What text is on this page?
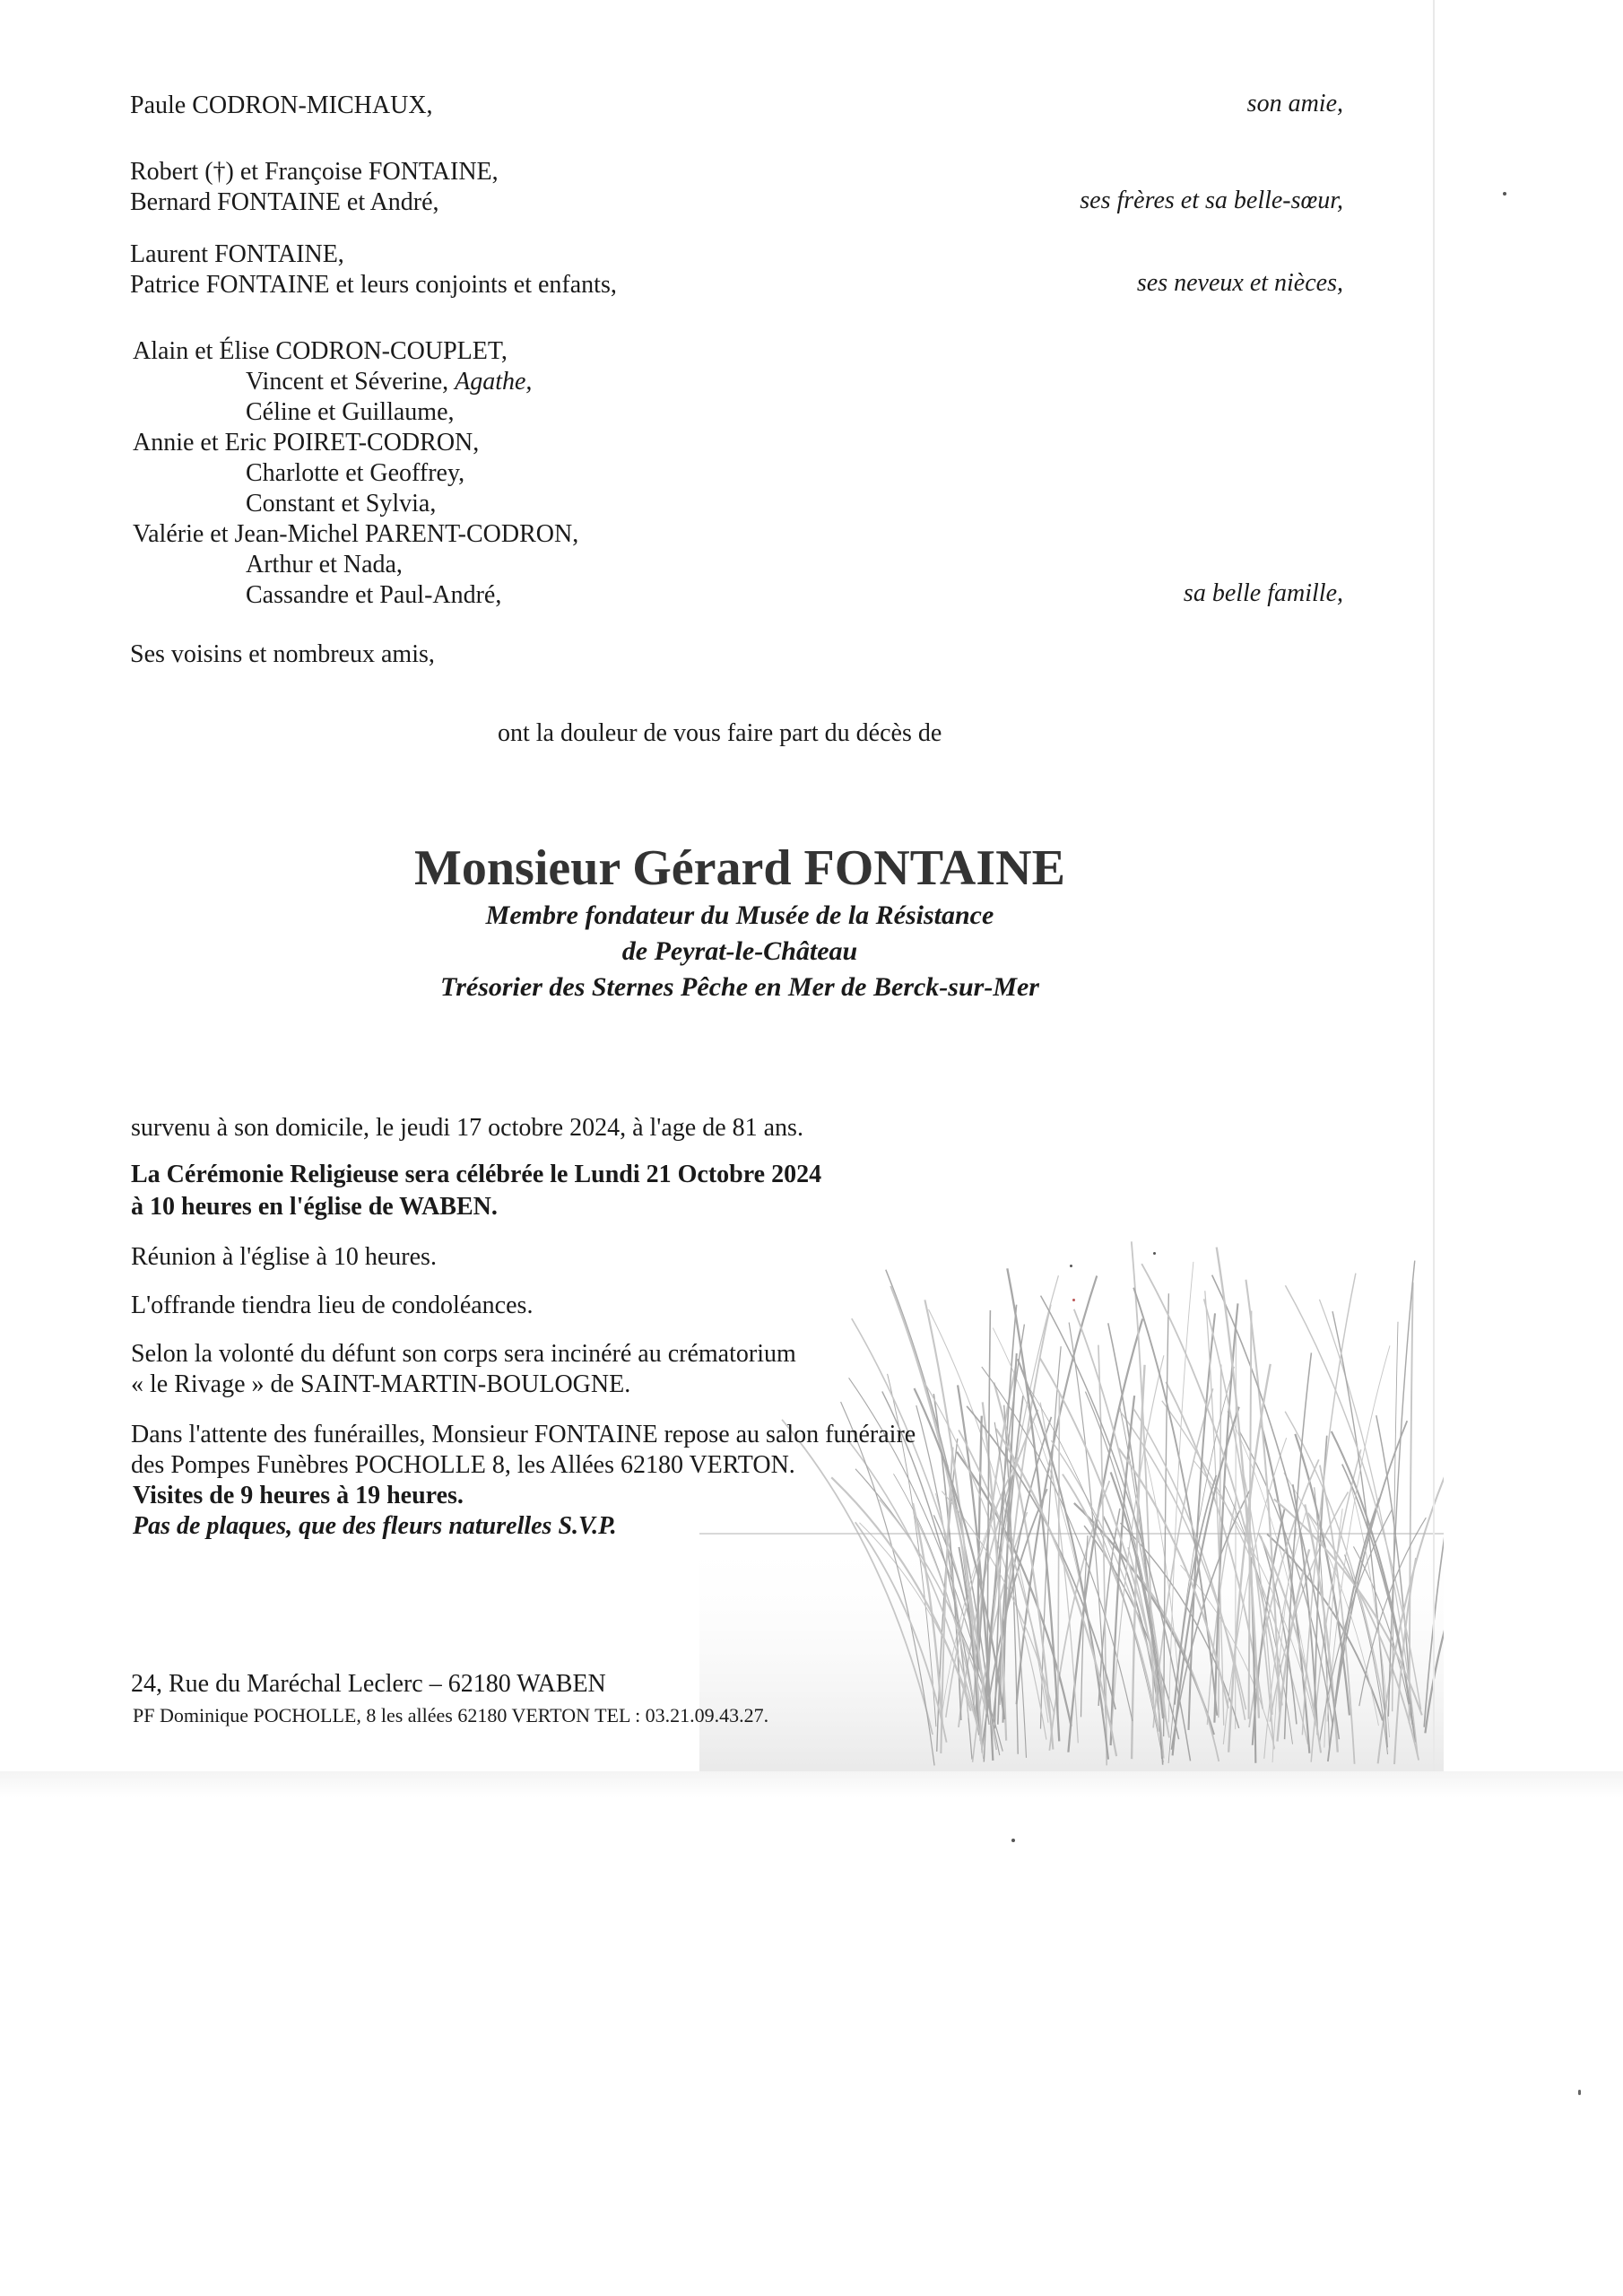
Paule CODRON-MICHAUX,	son amie,
Robert (†) et Françoise FONTAINE,
Bernard FONTAINE et André,	ses frères et sa belle-sœur,
Laurent FONTAINE,
Patrice FONTAINE et leurs conjoints et enfants,	ses neveux et nièces,
Alain et Élise CODRON-COUPLET,
Vincent et Séverine, Agathe,
Céline et Guillaume,
Annie et Eric POIRET-CODRON,
Charlotte et Geoffrey,
Constant et Sylvia,
Valérie et Jean-Michel PARENT-CODRON,
Arthur et Nada,
Cassandre et Paul-André,	sa belle famille,
Ses voisins et nombreux amis,
ont la douleur de vous faire part du décès de
Monsieur Gérard FONTAINE
Membre fondateur du Musée de la Résistance
de Peyrat-le-Château
Trésorier des Sternes Pêche en Mer de Berck-sur-Mer
survenu à son domicile, le jeudi 17 octobre 2024, à l'age de 81 ans.
La Cérémonie Religieuse sera célébrée le Lundi 21 Octobre 2024
à 10 heures en l'église de WABEN.
Réunion à l'église à 10 heures.
L'offrande tiendra lieu de condoléances.
Selon la volonté du défunt son corps sera incinéré au crématorium
« le Rivage » de SAINT-MARTIN-BOULOGNE.
Dans l'attente des funérailles, Monsieur FONTAINE repose au salon funéraire
des Pompes Funèbres POCHOLLE 8, les Allées 62180 VERTON.
Visites de 9 heures à 19 heures.
Pas de plaques, que des fleurs naturelles S.V.P.
24, Rue du Maréchal Leclerc – 62180 WABEN
PF Dominique POCHOLLE, 8 les allées 62180 VERTON TEL : 03.21.09.43.27.
